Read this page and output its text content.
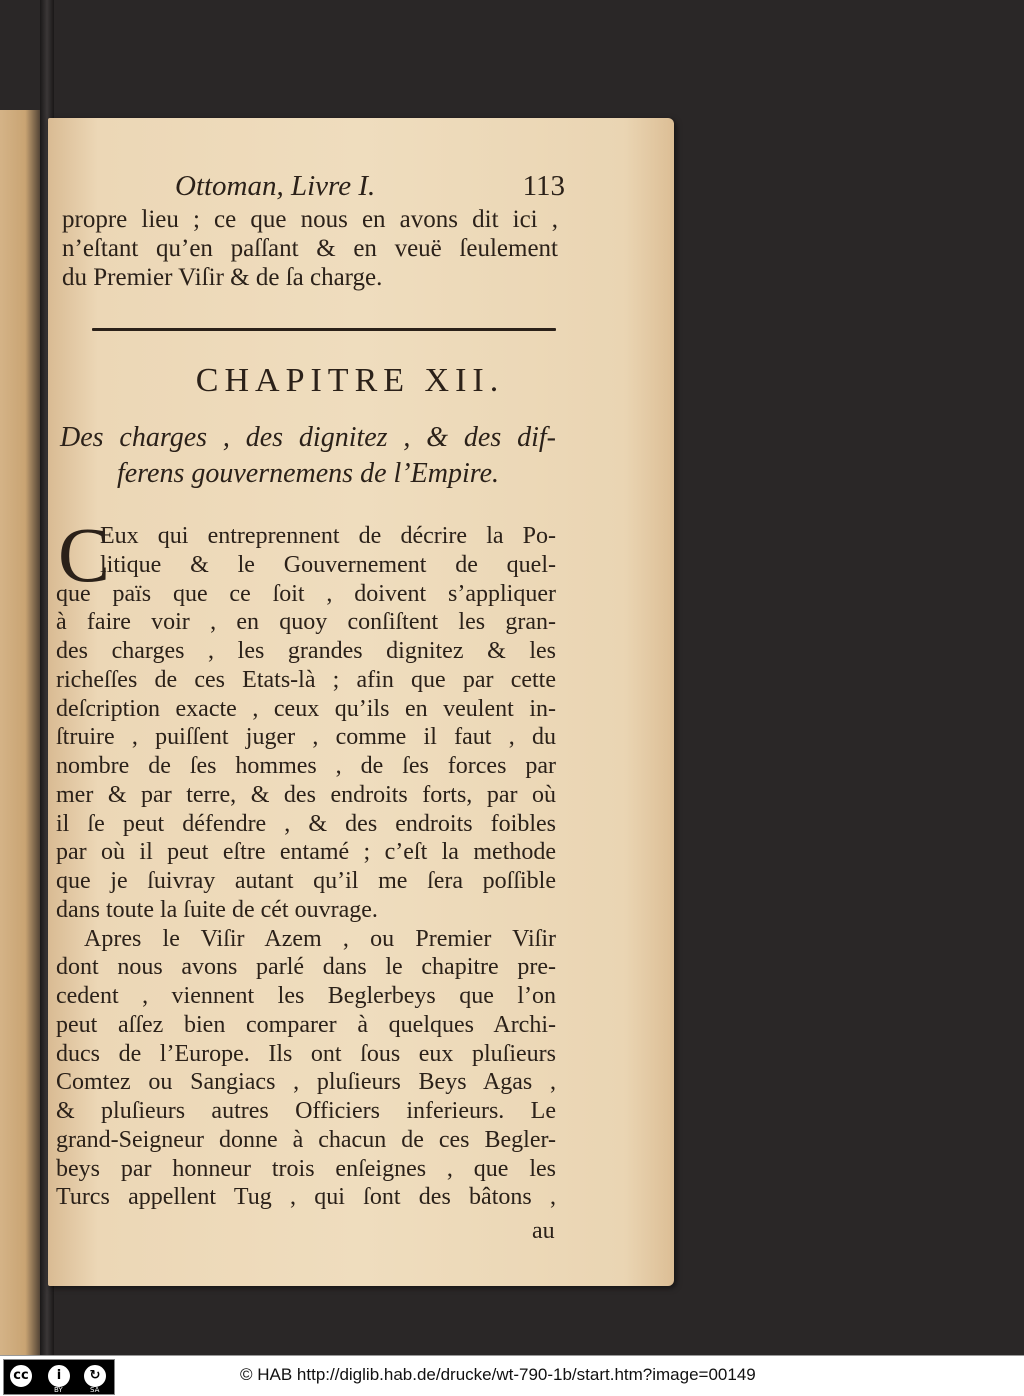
Ottoman, Livre I.	113
propre lieu ; ce que nous en avons dit ici ,
n’eſtant qu’en paſſant & en veuë ſeulement
du Premier Viſir & de ſa charge.
CHAPITRE XII.
Des charges , des dignitez , & des dif-
ferens gouvernemens de l’Empire.
C
Eux qui entreprennent de décrire la Po-
litique & le Gouvernement de quel-
que païs que ce ſoit , doivent s’appliquer
à faire voir , en quoy conſiſtent les gran-
des charges , les grandes dignitez & les
richeſſes de ces Etats-là ; afin que par cette
deſcription exacte , ceux qu’ils en veulent in-
ſtruire , puiſſent juger , comme il faut , du
nombre de ſes hommes , de ſes forces par
mer & par terre, & des endroits forts, par où
il ſe peut défendre , & des endroits foibles
par où il peut eſtre entamé ; c’eſt la methode
que je ſuivray autant qu’il me ſera poſſible
dans toute la ſuite de cét ouvrage.
Apres le Viſir Azem , ou Premier Viſir
dont nous avons parlé dans le chapitre pre-
cedent , viennent les Beglerbeys que l’on
peut aſſez bien comparer à quelques Archi-
ducs de l’Europe. Ils ont ſous eux pluſieurs
Comtez ou Sangiacs , pluſieurs Beys Agas ,
& pluſieurs autres Officiers inferieurs. Le
grand-Seigneur donne à chacun de ces Begler-
beys par honneur trois enſeignes , que les
Turcs appellent Tug , qui ſont des bâtons ,
au
cc	i	↻
BY	SA
© HAB http://diglib.hab.de/drucke/wt-790-1b/start.htm?image=00149
